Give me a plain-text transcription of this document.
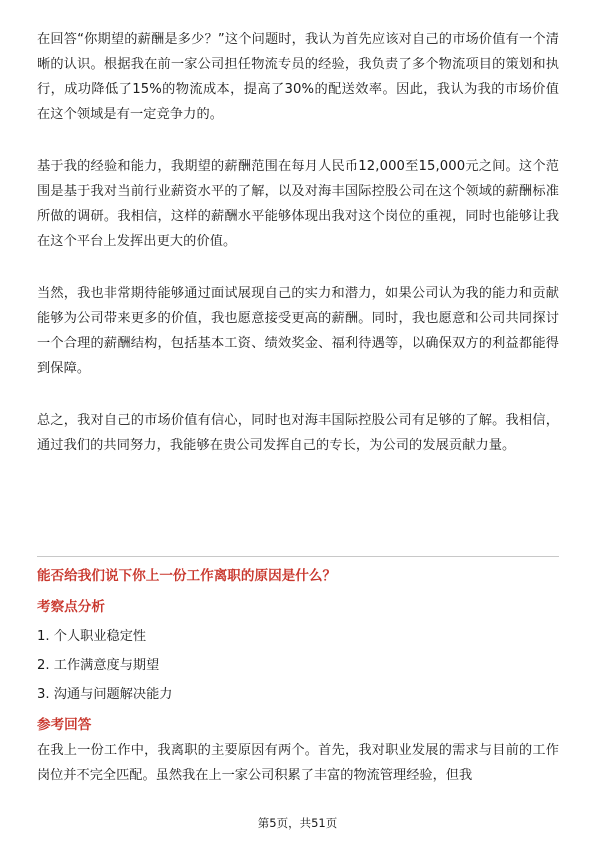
在回答“你期望的薪酬是多少？”这个问题时，我认为首先应该对自己的市场价值有一个清晰的认识。根据我在前一家公司担任物流专员的经验，我负责了多个物流项目的策划和执行，成功降低了15%的物流成本，提高了30%的配送效率。因此，我认为我的市场价值在这个领域是有一定竞争力的。

基于我的经验和能力，我期望的薪酬范围在每月人民币12,000至15,000元之间。这个范围是基于我对当前行业薪资水平的了解，以及对海丰国际控股公司在这个领域的薪酬标准所做的调研。我相信，这样的薪酬水平能够体现出我对这个岗位的重视，同时也能够让我在这个平台上发挥出更大的价值。

当然，我也非常期待能够通过面试展现自己的实力和潜力，如果公司认为我的能力和贡献能够为公司带来更多的价值，我也愿意接受更高的薪酬。同时，我也愿意和公司共同探讨一个合理的薪酬结构，包括基本工资、绩效奖金、福利待遇等，以确保双方的利益都能得到保障。

总之，我对自己的市场价值有信心，同时也对海丰国际控股公司有足够的了解。我相信，通过我们的共同努力，我能够在贵公司发挥自己的专长，为公司的发展贡献力量。

能否给我们说下你上一份工作离职的原因是什么？

考察点分析

1. 个人职业稳定性
2. 工作满意度与期望
3. 沟通与问题解决能力

参考回答

在我上一份工作中，我离职的主要原因有两个。首先，我对职业发展的需求与目前的工作岗位并不完全匹配。虽然我在上一家公司积累了丰富的物流管理经验，但我

第5页，共51页
